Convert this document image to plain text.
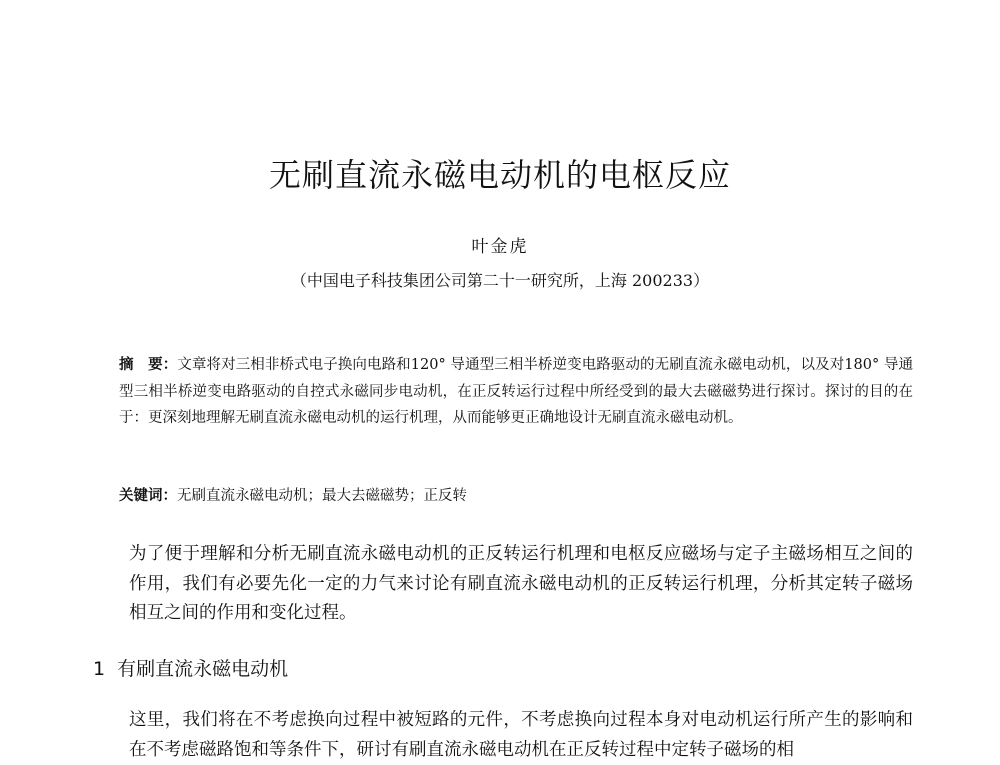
无刷直流永磁电动机的电枢反应
叶金虎
（中国电子科技集团公司第二十一研究所，上海 200233）
摘　要：文章将对三相非桥式电子换向电路和120° 导通型三相半桥逆变电路驱动的无刷直流永磁电动机，以及对180° 导通型三相半桥逆变电路驱动的自控式永磁同步电动机，在正反转运行过程中所经受到的最大去磁磁势进行探讨。探讨的目的在于：更深刻地理解无刷直流永磁电动机的运行机理，从而能够更正确地设计无刷直流永磁电动机。
关键词：无刷直流永磁电动机；最大去磁磁势；正反转
为了便于理解和分析无刷直流永磁电动机的正反转运行机理和电枢反应磁场与定子主磁场相互之间的作用，我们有必要先化一定的力气来讨论有刷直流永磁电动机的正反转运行机理，分析其定转子磁场相互之间的作用和变化过程。
1 有刷直流永磁电动机
这里，我们将在不考虑换向过程中被短路的元件，不考虑换向过程本身对电动机运行所产生的影响和在不考虑磁路饱和等条件下，研讨有刷直流永磁电动机在正反转过程中定转子磁场的相
